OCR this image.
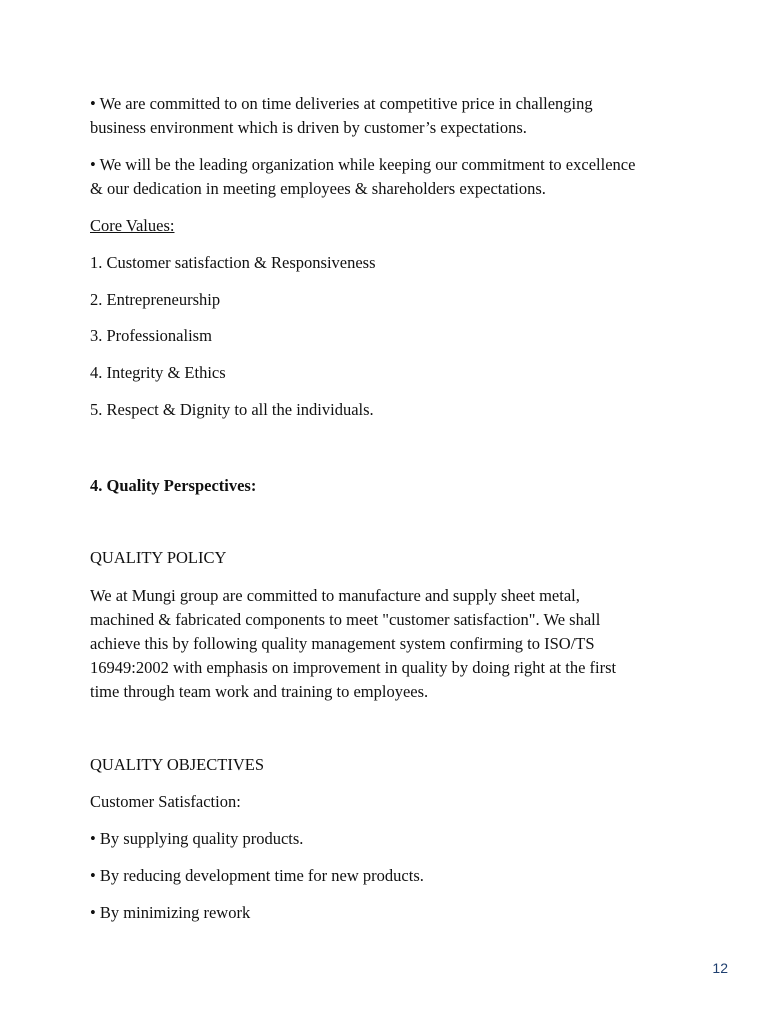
• We are committed to on time deliveries at competitive price in challenging

business environment which is driven by customer’s expectations.

• We will be the leading organization while keeping our commitment to excellence

& our dedication in meeting employees & shareholders expectations.

Core Values:

1. Customer satisfaction & Responsiveness

2. Entrepreneurship

3. Professionalism

4. Integrity & Ethics

5. Respect & Dignity to all the individuals.

4. Quality Perspectives:

QUALITY POLICY

We at Mungi group are committed to manufacture and supply sheet metal,

machined & fabricated components to meet "customer satisfaction". We shall

achieve this by following quality management system confirming to ISO/TS

16949:2002 with emphasis on improvement in quality by doing right at the first

time through team work and training to employees.

QUALITY OBJECTIVES

Customer Satisfaction:

• By supplying quality products.

• By reducing development time for new products.

• By minimizing rework

12
